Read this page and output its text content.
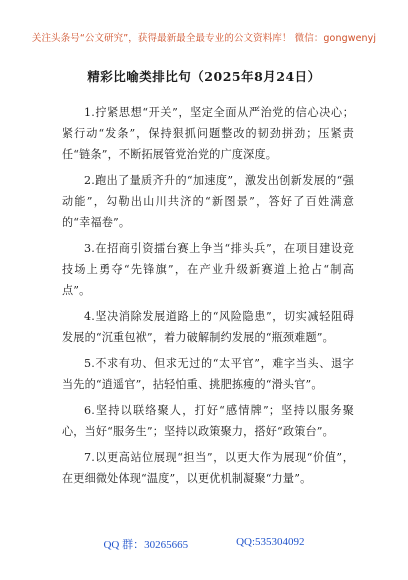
关注头条号“公文研究”，获得最新最全最专业的公文资料库！ 微信：gongwenyj
精彩比喻类排比句（2025年8月24日）

1.拧紧思想“开关”，坚定全面从严治党的信心决心；紧行动“发条”，保持狠抓问题整改的韧劲拼劲；压紧责任“链条”，不断拓展管党治党的广度深度。

2.跑出了量质齐升的“加速度”，激发出创新发展的“强动能”，勾勒出山川共济的“新图景”，答好了百姓满意的“幸福卷”。

3.在招商引资擂台赛上争当“排头兵”，在项目建设竞技场上勇夺“先锋旗”，在产业升级新赛道上抢占“制高点”。

4.坚决消除发展道路上的“风险隐患”，切实减轻阻碍发展的“沉重包袱”，着力破解制约发展的“瓶颈难题”。

5.不求有功、但求无过的“太平官”，难字当头、退字当先的“逍遥官”，拈轻怕重、挑肥拣瘦的“滑头官”。

6.坚持以联络聚人，打好“感情牌”；坚持以服务聚心，当好“服务生”；坚持以政策聚力，搭好“政策台”。

7.以更高站位展现“担当”，以更大作为展现“价值”，在更细微处体现“温度”，以更优机制凝聚“力量”。

QQ 群：30265665	QQ:535304092
